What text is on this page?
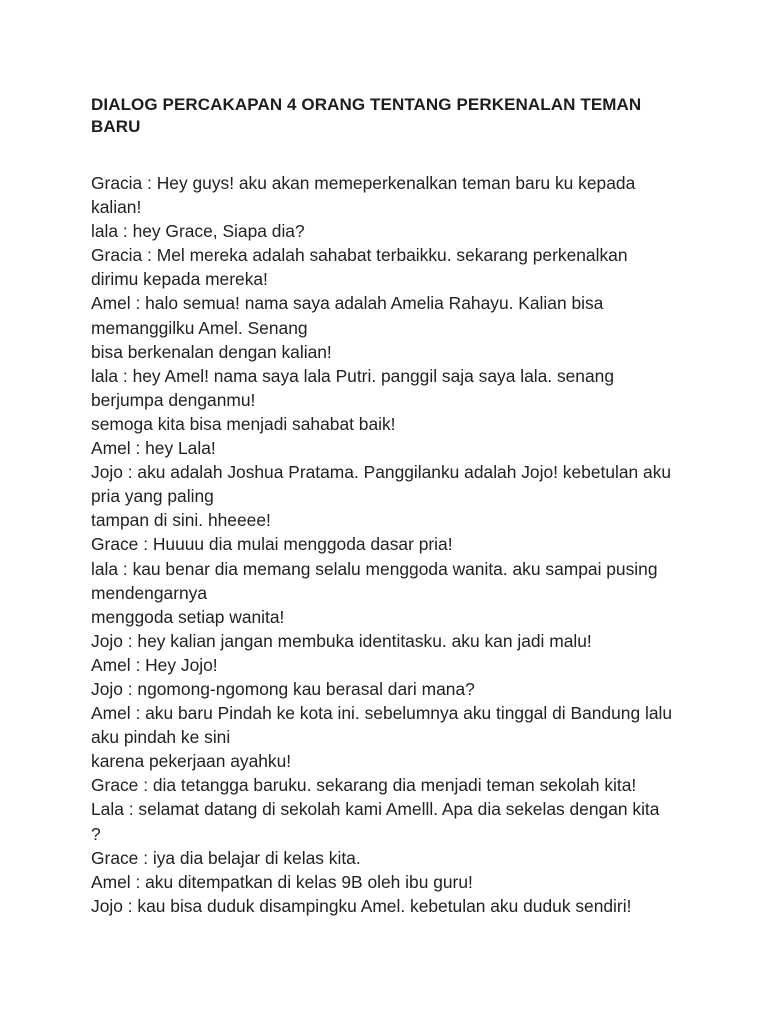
DIALOG PERCAKAPAN 4 ORANG TENTANG PERKENALAN TEMAN
BARU
Gracia : Hey guys! aku akan memeperkenalkan teman baru ku kepada
kalian!
lala : hey Grace, Siapa dia?
Gracia : Mel mereka adalah sahabat terbaikku. sekarang perkenalkan
dirimu kepada mereka!
Amel : halo semua! nama saya adalah Amelia Rahayu. Kalian bisa
memanggilku Amel. Senang
bisa berkenalan dengan kalian!
lala : hey Amel! nama saya lala Putri. panggil saja saya lala. senang
berjumpa denganmu!
semoga kita bisa menjadi sahabat baik!
Amel : hey Lala!
Jojo : aku adalah Joshua Pratama. Panggilanku adalah Jojo! kebetulan aku
pria yang paling
tampan di sini. hheeee!
Grace : Huuuu dia mulai menggoda dasar pria!
lala : kau benar dia memang selalu menggoda wanita. aku sampai pusing
mendengarnya
menggoda setiap wanita!
Jojo : hey kalian jangan membuka identitasku. aku kan jadi malu!
Amel : Hey Jojo!
Jojo : ngomong-ngomong kau berasal dari mana?
Amel : aku baru Pindah ke kota ini. sebelumnya aku tinggal di Bandung lalu
aku pindah ke sini
karena pekerjaan ayahku!
Grace : dia tetangga baruku. sekarang dia menjadi teman sekolah kita!
Lala : selamat datang di sekolah kami Amelll. Apa dia sekelas dengan kita
?
Grace : iya dia belajar di kelas kita.
Amel : aku ditempatkan di kelas 9B oleh ibu guru!
Jojo : kau bisa duduk disampingku Amel. kebetulan aku duduk sendiri!
